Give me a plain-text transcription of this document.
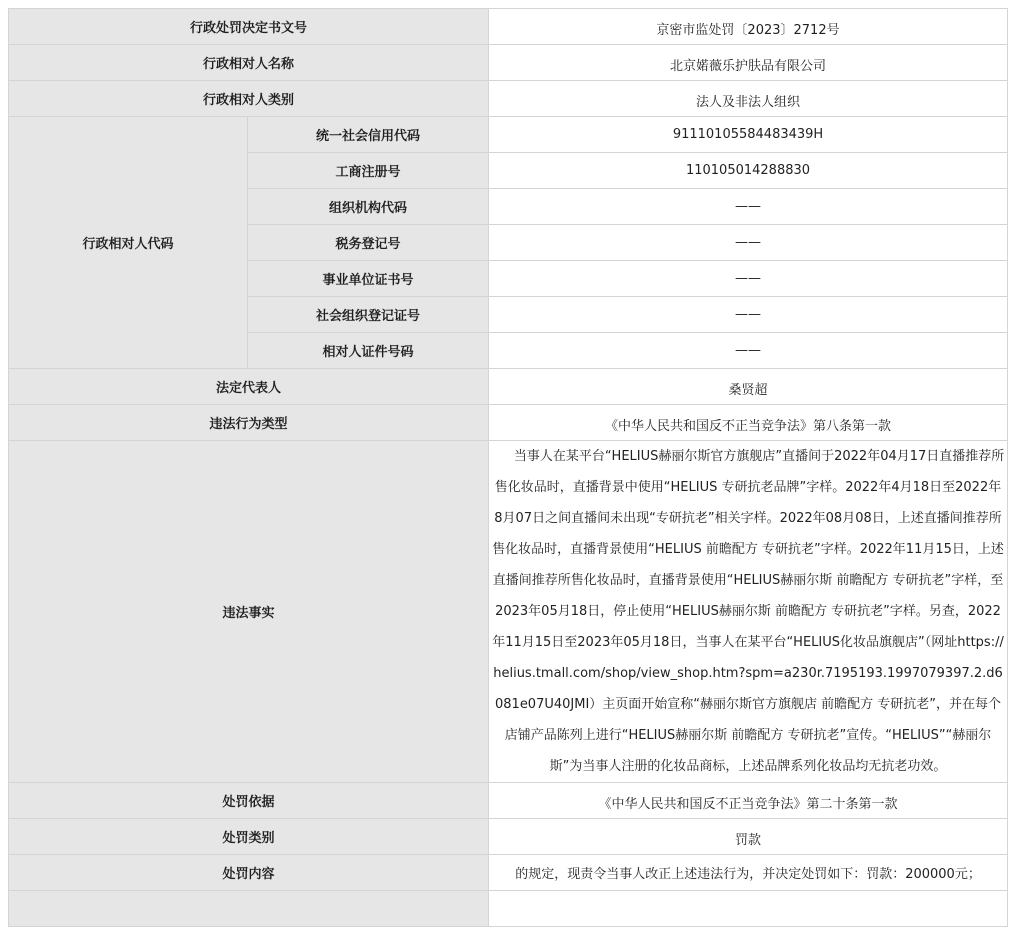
行政处罚决定书文号		京密市监处罚〔2023〕2712号
行政相对人名称		北京婼薇乐护肤品有限公司
行政相对人类别		法人及非法人组织
行政相对人代码	统一社会信用代码	91110105584483439H
	工商注册号	110105014288830
	组织机构代码	——
	税务登记号	——
	事业单位证书号	——
	社会组织登记证号	——
	相对人证件号码	——
法定代表人		桑贤超
违法行为类型		《中华人民共和国反不正当竞争法》第八条第一款
违法事实		当事人在某平台“HELIUS赫丽尔斯官方旗舰店”直播间于2022年04月17日直播推荐所售化妆品时，直播背景中使用“HELIUS 专研抗老品牌”字样。2022年4月18日至2022年8月07日之间直播间未出现“专研抗老”相关字样。2022年08月08日，上述直播间推荐所售化妆品时，直播背景使用“HELIUS 前瞻配方 专研抗老”字样。2022年11月15日，上述直播间推荐所售化妆品时，直播背景使用“HELIUS赫丽尔斯 前瞻配方 专研抗老”字样，至2023年05月18日，停止使用“HELIUS赫丽尔斯 前瞻配方 专研抗老”字样。另查，2022年11月15日至2023年05月18日，当事人在某平台“HELIUS化妆品旗舰店”（网址https://helius.tmall.com/shop/view_shop.htm?spm=a230r.7195193.1997079397.2.d6081e07U40JMI）主页面开始宣称“赫丽尔斯官方旗舰店 前瞻配方 专研抗老”，并在每个店铺产品陈列上进行“HELIUS赫丽尔斯 前瞻配方 专研抗老”宣传。“HELIUS”“赫丽尔斯”为当事人注册的化妆品商标，上述品牌系列化妆品均无抗老功效。
处罚依据		《中华人民共和国反不正当竞争法》第二十条第一款
处罚类别		罚款
处罚内容		的规定，现责令当事人改正上述违法行为，并决定处罚如下：罚款：200000元；
